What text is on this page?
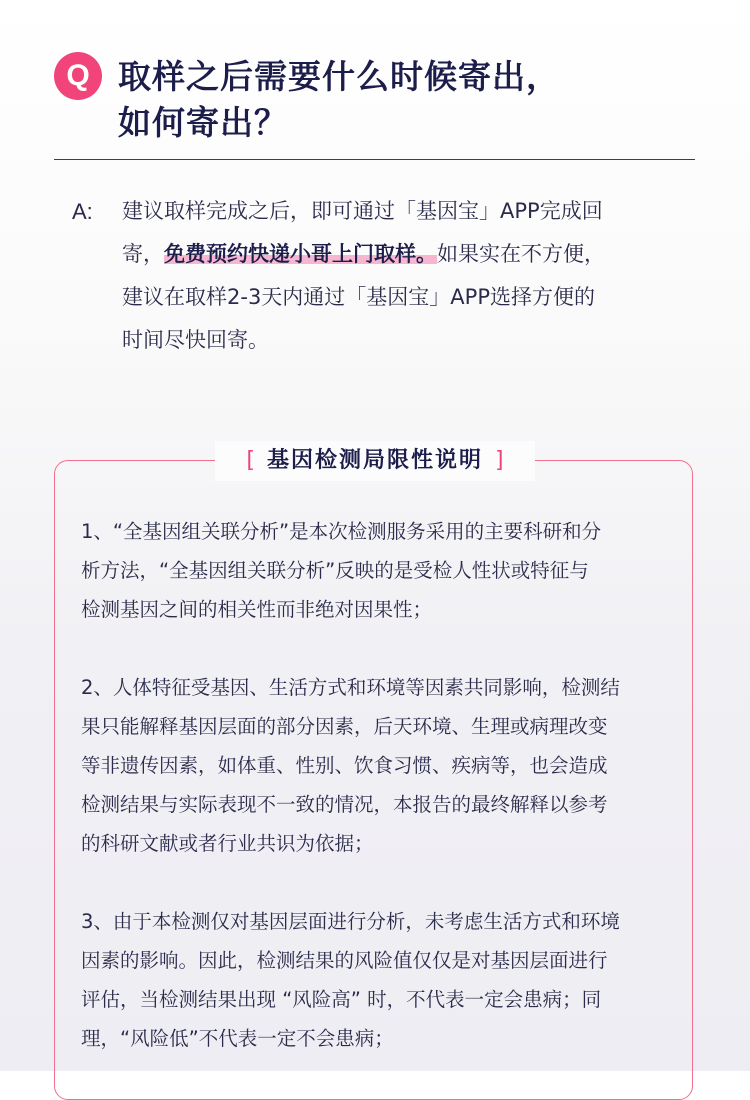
Q 取样之后需要什么时候寄出，
如何寄出？
A: 建议取样完成之后，即可通过「基因宝」APP完成回
寄，免费预约快递小哥上门取样。如果实在不方便，
建议在取样2-3天内通过「基因宝」APP选择方便的
时间尽快回寄。
[ 基因检测局限性说明 ]
1、“全基因组关联分析”是本次检测服务采用的主要科研和分
析方法，“全基因组关联分析”反映的是受检人性状或特征与
检测基因之间的相关性而非绝对因果性；
2、人体特征受基因、生活方式和环境等因素共同影响，检测结
果只能解释基因层面的部分因素，后天环境、生理或病理改变
等非遗传因素，如体重、性别、饮食习惯、疾病等，也会造成
检测结果与实际表现不一致的情况，本报告的最终解释以参考
的科研文献或者行业共识为依据；
3、由于本检测仅对基因层面进行分析，未考虑生活方式和环境
因素的影响。因此，检测结果的风险值仅仅是对基因层面进行
评估，当检测结果出现 “风险高” 时，不代表一定会患病；同
理，“风险低”不代表一定不会患病；
